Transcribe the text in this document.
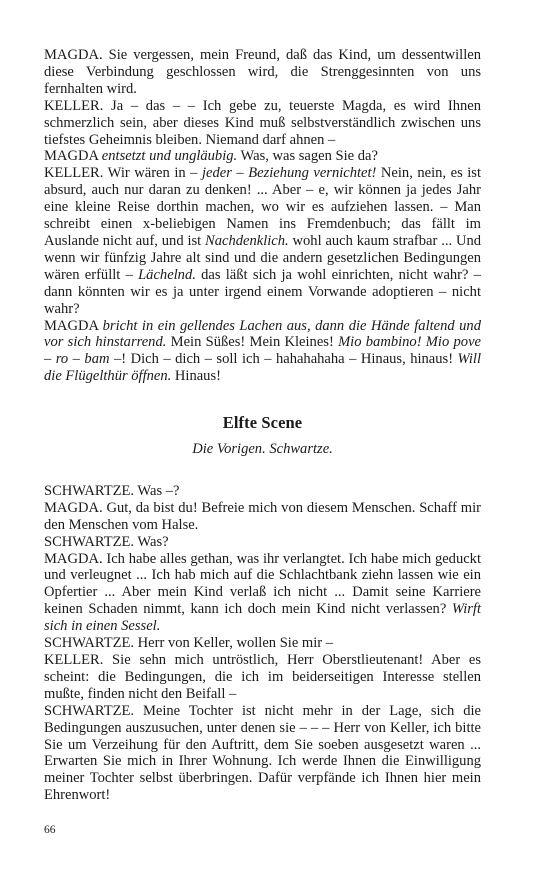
MAGDA. Sie vergessen, mein Freund, daß das Kind, um dessentwillen diese Verbindung geschlossen wird, die Strenggesinnten von uns fernhalten wird.

KELLER. Ja – das – – Ich gebe zu, teuerste Magda, es wird Ihnen schmerzlich sein, aber dieses Kind muß selbstverständlich zwischen uns tiefstes Geheimnis bleiben. Niemand darf ahnen –

MAGDA entsetzt und ungläubig. Was, was sagen Sie da?

KELLER. Wir wären in – jeder – Beziehung vernichtet! Nein, nein, es ist absurd, auch nur daran zu denken! ... Aber – e, wir können ja jedes Jahr eine kleine Reise dorthin machen, wo wir es aufziehen lassen. – Man schreibt einen x-beliebigen Namen ins Fremdenbuch; das fällt im Auslande nicht auf, und ist Nachdenklich. wohl auch kaum strafbar ... Und wenn wir fünfzig Jahre alt sind und die andern gesetzlichen Bedingungen wären erfüllt – Lächelnd. das läßt sich ja wohl einrichten, nicht wahr? – dann könnten wir es ja unter irgend einem Vorwande adoptieren – nicht wahr?

MAGDA bricht in ein gellendes Lachen aus, dann die Hände faltend und vor sich hinstarrend. Mein Süßes! Mein Kleines! Mio bambino! Mio pove – ro – bam –! Dich – dich – soll ich – hahahahaha – Hinaus, hinaus! Will die Flügelthür öffnen. Hinaus!

Elfte Scene
Die Vorigen. Schwartze.

SCHWARTZE. Was –?

MAGDA. Gut, da bist du! Befreie mich von diesem Menschen. Schaff mir den Menschen vom Halse.

SCHWARTZE. Was?

MAGDA. Ich habe alles gethan, was ihr verlangtet. Ich habe mich geduckt und verleugnet ... Ich hab mich auf die Schlachtbank ziehn lassen wie ein Opfertier ... Aber mein Kind verlaß ich nicht ... Damit seine Karriere keinen Schaden nimmt, kann ich doch mein Kind nicht verlassen? Wirft sich in einen Sessel.

SCHWARTZE. Herr von Keller, wollen Sie mir –

KELLER. Sie sehn mich untröstlich, Herr Oberstlieutenant! Aber es scheint: die Bedingungen, die ich im beiderseitigen Interesse stellen mußte, finden nicht den Beifall –

SCHWARTZE. Meine Tochter ist nicht mehr in der Lage, sich die Bedingungen auszusuchen, unter denen sie – – – Herr von Keller, ich bitte Sie um Verzeihung für den Auftritt, dem Sie soeben ausgesetzt waren ... Erwarten Sie mich in Ihrer Wohnung. Ich werde Ihnen die Einwilligung meiner Tochter selbst überbringen. Dafür verpfände ich Ihnen hier mein Ehrenwort!

66
